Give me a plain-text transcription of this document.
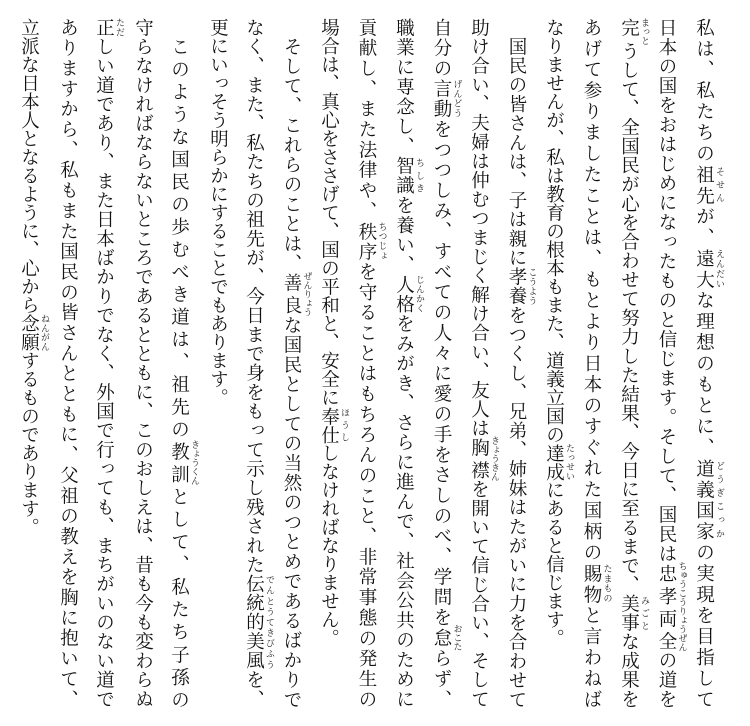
私は、私たちの祖先 そせんが、遠大 えんだいな理想のもとに、道義国家 どうぎこっかの実現を目指して
日本の国をおはじめになったものと信じます。そして、国民は忠孝両全 ちゅうこうりょうぜんの道を
完 まっとうして、全国民が心を合わせて努力した結果、今日に至るまで、美事 みごとな成果を
あげて参りましたことは、もとより日本のすぐれた国柄の賜物 たまものと言わねば
なりませんが、私は教育の根本もまた、道義立国の達成 たっせいにあると信じます。
国民の皆さんは、子は親に孝養 こうようをつくし、兄弟、姉妹はたがいに力を合わせて
助け合い、夫婦は仲むつまじく解け合い、友人は胸襟 きょうきんを開いて信じ合い、そして
自分の言動 げんどうをつつしみ、すべての人々に愛の手をさしのべ、学問を怠 おこたらず、
職業に専念し、智識 ちしきを養い、人格 じんかくをみがき、さらに進んで、社会公共のために
貢献し、また法律や、秩序 ちつじょを守ることはもちろんのこと、非常事態の発生の
場合は、真心をささげて、国の平和と、安全に奉仕 ほうししなければなりません。
そして、これらのことは、善良 ぜんりょうな国民としての当然のつとめであるばかりで
なく、また、私たちの祖先が、今日まで身をもって示し残された伝統的美風 でんとうてきびふうを、
更にいっそう明らかにすることでもあります。
このような国民の歩むべき道は、祖先の教訓 きょうくんとして、私たち子孫の
守らなければならないところであるとともに、このおしえは、昔も今も変わらぬ
正 ただしい道であり、また日本ばかりでなく、外国で行っても、まちがいのない道で
ありますから、私もまた国民の皆さんとともに、父祖の教えを胸に抱いて、
立派な日本人となるように、心から念願 ねんがんするものであります。
